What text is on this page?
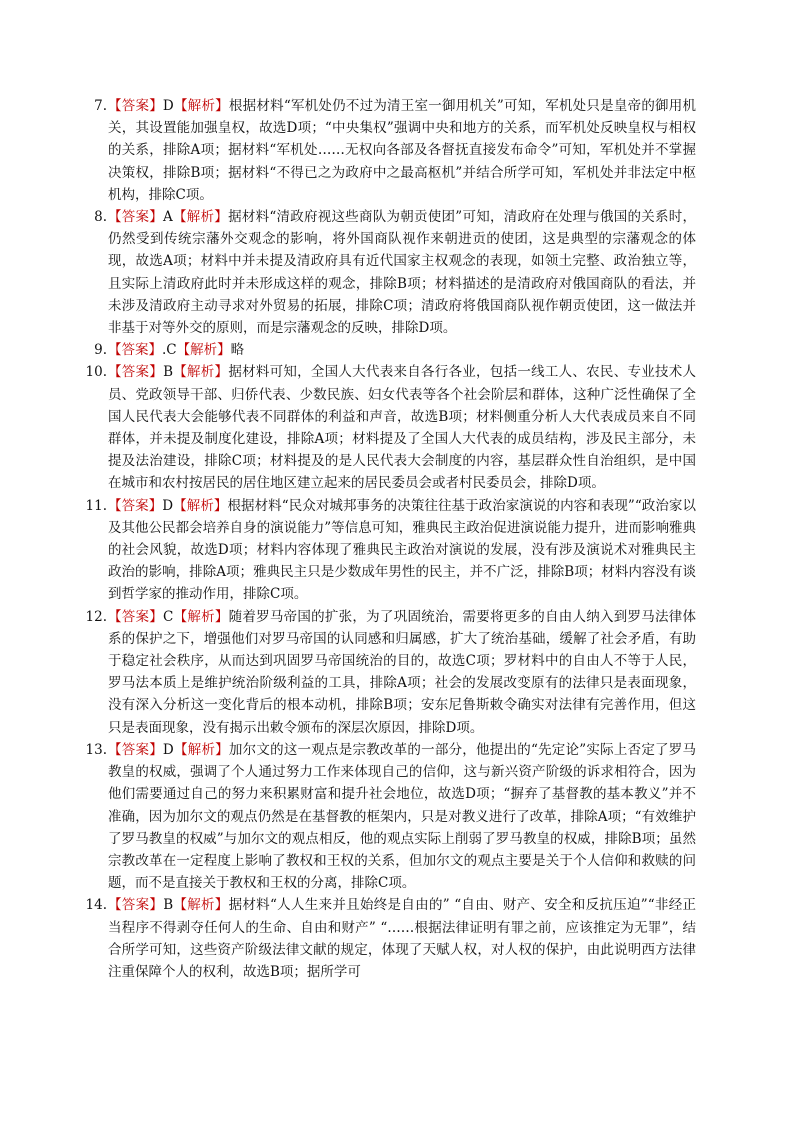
7. 【答案】D【解析】根据材料“军机处仍不过为清王室一御用机关”可知，军机处只是皇帝的御用机关，其设置能加强皇权，故选D项；“中央集权”强调中央和地方的关系，而军机处反映皇权与相权的关系，排除A项；据材料“军机处……无权向各部及各督抚直接发布命令”可知，军机处并不掌握决策权，排除B项；据材料“不得已之为政府中之最高枢机”并结合所学可知，军机处并非法定中枢机构，排除C项。

8. 【答案】A【解析】据材料“清政府视这些商队为朝贡使团”可知，清政府在处理与俄国的关系时，仍然受到传统宗藩外交观念的影响，将外国商队视作来朝进贡的使团，这是典型的宗藩观念的体现，故选A项；材料中并未提及清政府具有近代国家主权观念的表现，如领土完整、政治独立等，且实际上清政府此时并未形成这样的观念，排除B项；材料描述的是清政府对俄国商队的看法，并未涉及清政府主动寻求对外贸易的拓展，排除C项；清政府将俄国商队视作朝贡使团，这一做法并非基于对等外交的原则，而是宗藩观念的反映，排除D项。

9. 【答案】.C【解析】略

10. 【答案】B【解析】据材料可知，全国人大代表来自各行各业，包括一线工人、农民、专业技术人员、党政领导干部、归侨代表、少数民族、妇女代表等各个社会阶层和群体，这种广泛性确保了全国人民代表大会能够代表不同群体的利益和声音，故选B项；材料侧重分析人大代表成员来自不同群体，并未提及制度化建设，排除A项；材料提及了全国人大代表的成员结构，涉及民主部分，未提及法治建设，排除C项；材料提及的是人民代表大会制度的内容，基层群众性自治组织，是中国在城市和农村按居民的居住地区建立起来的居民委员会或者村民委员会，排除D项。

11. 【答案】D【解析】根据材料“民众对城邦事务的决策往往基于政治家演说的内容和表现”“政治家以及其他公民都会培养自身的演说能力”等信息可知，雅典民主政治促进演说能力提升，进而影响雅典的社会风貌，故选D项；材料内容体现了雅典民主政治对演说的发展，没有涉及演说术对雅典民主政治的影响，排除A项；雅典民主只是少数成年男性的民主，并不广泛，排除B项；材料内容没有谈到哲学家的推动作用，排除C项。

12. 【答案】C【解析】随着罗马帝国的扩张，为了巩固统治，需要将更多的自由人纳入到罗马法律体系的保护之下，增强他们对罗马帝国的认同感和归属感，扩大了统治基础，缓解了社会矛盾，有助于稳定社会秩序，从而达到巩固罗马帝国统治的目的，故选C项；罗材料中的自由人不等于人民，罗马法本质上是维护统治阶级利益的工具，排除A项；社会的发展改变原有的法律只是表面现象，没有深入分析这一变化背后的根本动机，排除B项；安东尼鲁斯敕令确实对法律有完善作用，但这只是表面现象，没有揭示出敕令颁布的深层次原因，排除D项。

13. 【答案】D【解析】加尔文的这一观点是宗教改革的一部分，他提出的“先定论”实际上否定了罗马教皇的权威，强调了个人通过努力工作来体现自己的信仰，这与新兴资产阶级的诉求相符合，因为他们需要通过自己的努力来积累财富和提升社会地位，故选D项；“摒弃了基督教的基本教义”并不准确，因为加尔文的观点仍然是在基督教的框架内，只是对教义进行了改革，排除A项；“有效维护了罗马教皇的权威”与加尔文的观点相反，他的观点实际上削弱了罗马教皇的权威，排除B项；虽然宗教改革在一定程度上影响了教权和王权的关系，但加尔文的观点主要是关于个人信仰和救赎的问题，而不是直接关于教权和王权的分离，排除C项。

14. 【答案】B【解析】据材料“人人生来并且始终是自由的” “自由、财产、安全和反抗压迫”“非经正当程序不得剥夺任何人的生命、自由和财产” “……根据法律证明有罪之前，应该推定为无罪”，结合所学可知，这些资产阶级法律文献的规定，体现了天赋人权，对人权的保护，由此说明西方法律注重保障个人的权利，故选B项；据所学可
